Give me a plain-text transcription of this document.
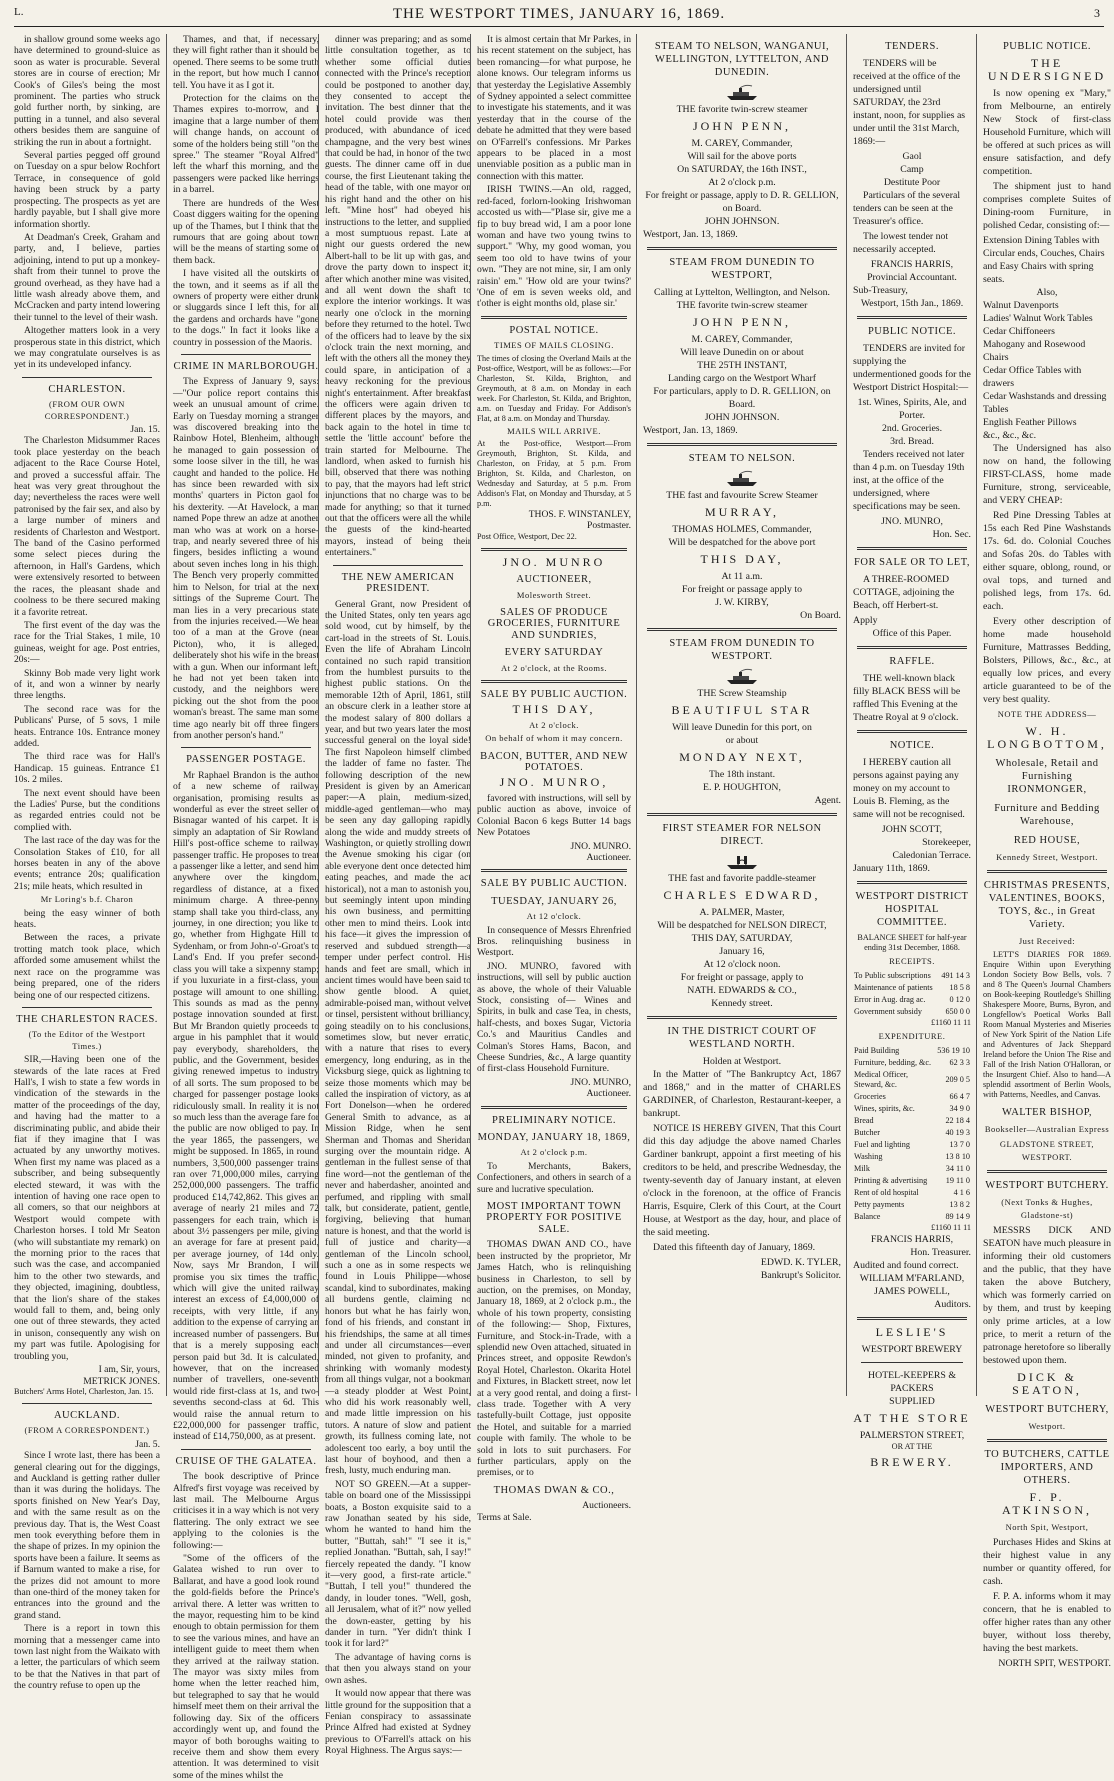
L.	THE WESTPORT TIMES, JANUARY 16, 1869.	3

in shallow ground some weeks ago have determined to ground-sluice as soon as water is procurable. Several stores are in course of erection; Mr Cook's of Giles's being the most prominent. The parties who struck gold further north, by sinking, are putting in a tunnel, and also several others besides them are sanguine of striking the run in about a fortnight.

Several parties pegged off ground on Tuesday on a spur below Rochfort Terrace, in consequence of gold having been struck by a party prospecting. The prospects as yet are hardly payable, but I shall give more information shortly.

At Deadman's Creek, Graham and party, and, I believe, parties adjoining, intend to put up a monkey-shaft from their tunnel to prove the ground overhead, as they have had a little wash already above them, and McCracken and party intend lowering their tunnel to the level of their wash.

Altogether matters look in a very prosperous state in this district, which we may congratulate ourselves is as yet in its undeveloped infancy.

CHARLESTON.
(FROM OUR OWN CORRESPONDENT.)
Jan. 15.

The Charleston Midsummer Races took place yesterday on the beach adjacent to the Race Course Hotel, and proved a successful affair. The heat was very great throughout the day; nevertheless the races were well patronised by the fair sex, and also by a large number of miners and residents of Charleston and Westport. The band of the Casino performed some select pieces during the afternoon, in Hall's Gardens, which were extensively resorted to between the races, the pleasant shade and coolness to be there secured making it a favorite retreat.

The first event of the day was the race for the Trial Stakes, 1 mile, 10 guineas, weight for age. Post entries, 20s:—

Skinny Bob made very light work of it, and won a winner by nearly three lengths.

The second race was for the Publicans' Purse, of 5 sovs, 1 mile heats. Entrance 10s. Entrance money added.

The third race was for Hall's Handicap. 15 guineas. Entrance £1 10s. 2 miles.

The next event should have been the Ladies' Purse, but the conditions as regarded entries could not be complied with.

The last race of the day was for the Consolation Stakes of £10, for all horses beaten in any of the above events; entrance 20s; qualification 21s; mile heats, which resulted in

Mr Loring's b.f. Charon

being the easy winner of both heats.

Between the races, a private trotting match took place, which afforded some amusement whilst the next race on the programme was being prepared, one of the riders being one of our respected citizens.

THE CHARLESTON RACES.
(To the Editor of the Westport Times.)

SIR,—Having been one of the stewards of the late races at Fred Hall's, I wish to state a few words in vindication of the stewards in the matter of the proceedings of the day, and having had the matter to a discriminating public, and abide their fiat if they imagine that I was actuated by any unworthy motives. When first my name was placed as a subscriber, and being subsequently elected steward, it was with the intention of having one race open to all comers, so that our neighbors at Westport would compete with Charleston horses. I told Mr Seaton (who will substantiate my remark) on the morning prior to the races that such was the case, and accompanied him to the other two stewards, and they objected, imagining, doubtless, that the lion's share of the stakes would fall to them, and, being only one out of three stewards, they acted in unison, consequently any wish on my part was futile. Apologising for troubling you,

I am, Sir, yours,
METRICK JONES.
Butchers' Arms Hotel, Charleston, Jan. 15.
AUCKLAND.
(FROM A CORRESPONDENT.)
Jan. 5.

Since I wrote last, there has been a general clearing out for the diggings, and Auckland is getting rather duller than it was during the holidays. The sports finished on New Year's Day, and with the same result as on the previous day. That is, the West Coast men took everything before them in the shape of prizes. In my opinion the sports have been a failure. It seems as if Barnum wanted to make a rise, for the prizes did not amount to more than one-third of the money taken for entrances into the ground and the grand stand.

There is a report in town this morning that a messenger came into town last night from the Waikato with a letter, the particulars of which seem to be that the Natives in that part of the country refuse to open up the

Thames, and that, if necessary, they will fight rather than it should be opened. There seems to be some truth in the report, but how much I cannot tell. You have it as I got it.

Protection for the claims on the Thames expires to-morrow, and I imagine that a large number of them will change hands, on account of some of the holders being still "on the spree." The steamer "Royal Alfred" left the wharf this morning, and the passengers were packed like herrings in a barrel.

There are hundreds of the West Coast diggers waiting for the opening up of the Thames, but I think that the rumours that are going about town will be the means of starting some of them back.

I have visited all the outskirts of the town, and it seems as if all the owners of property were either drunk or sluggards since I left this, for all the gardens and orchards have "gone to the dogs." In fact it looks like a country in possession of the Maoris.

CRIME IN MARLBOROUGH.

The Express of January 9, says:—"Our police report contains this week an unusual amount of crime. Early on Tuesday morning a stranger was discovered breaking into the Rainbow Hotel, Blenheim, although he managed to gain possession of some loose silver in the till, he was caught and handed to the police. He has since been rewarded with six months' quarters in Picton gaol for his dexterity. —At Havelock, a man named Pope threw an adze at another man who was at work on a horse-trap, and nearly severed three of his fingers, besides inflicting a wound about seven inches long in his thigh. The Bench very properly committed him to Nelson, for trial at the next sittings of the Supreme Court. The man lies in a very precarious state from the injuries received.—We hear too of a man at the Grove (near Picton), who, it is alleged, deliberately shot his wife in the breast with a gun. When our informant left, he had not yet been taken into custody, and the neighbors were picking out the shot from the poor woman's breast. The same man some time ago nearly bit off three fingers from another person's hand."

PASSENGER POSTAGE.

Mr Raphael Brandon is the author of a new scheme of railway organisation, promising results as wonderful as ever the street seller of Bisnagar wanted of his carpet. It is simply an adaptation of Sir Rowland Hill's post-office scheme to railway passenger traffic. He proposes to treat a passenger like a letter, and send him anywhere over the kingdom, regardless of distance, at a fixed minimum charge. A three-penny stamp shall take you third-class, any journey, in one direction; you like to go, whether from Highgate Hill to Sydenham, or from John-o'-Groat's to Land's End. If you prefer second-class you will take a sixpenny stamp; if you luxuriate in a first-class, your postage will amount to one shilling. This sounds as mad as the penny postage innovation sounded at first. But Mr Brandon quietly proceeds to argue in his pamphlet that it would pay everybody, shareholders, the public, and the Government, besides giving renewed impetus to industry of all sorts. The sum proposed to be charged for passenger postage looks ridiculously small. In reality it is not so much less than the average fare for the public are now obliged to pay. In the year 1865, the passengers, we might be supposed. In 1865, in round numbers, 3,500,000 passenger trains ran over 71,000,000 miles, carrying 252,000,000 passengers. The traffic produced £14,742,862. This gives an average of nearly 21 miles and 72 passengers for each train, which is about 3½ passengers per mile, giving an average for fare at present paid, per average journey, of 14d only. Now, says Mr Brandon, I will promise you six times the traffic, which will give the united railway interest an excess of £4,000,000 of receipts, with very little, if any addition to the expense of carrying an increased number of passengers. But that is a merely supposing each person paid but 3d. It is calculated, however, that on the increased number of travellers, one-seventh would ride first-class at 1s, and two-sevenths second-class at 6d. This would raise the annual return to £22,000,000 for passenger traffic, instead of £14,750,000, as at present.

CRUISE OF THE GALATEA.

The book descriptive of Prince Alfred's first voyage was received by last mail. The Melbourne Argus criticises it in a way which is not very flattering. The only extract we see applying to the colonies is the following:—

"Some of the officers of the Galatea wished to run over to Ballarat, and have a good look round the gold-fields before the Prince's arrival there. A letter was written to the mayor, requesting him to be kind enough to obtain permission for them to see the various mines, and have an intelligent guide to meet them when they arrived at the railway station. The mayor was sixty miles from home when the letter reached him, but telegraphed to say that he would himself meet them on their arrival the following day. Six of the officers accordingly went up, and found the mayor of both boroughs waiting to receive them and show them every attention. It was determined to visit some of the mines whilst the

dinner was preparing; and as some little consultation together, as to whether some official duties connected with the Prince's reception could be postponed to another day, they consented to accept the invitation. The best dinner that the hotel could provide was then produced, with abundance of iced champagne, and the very best wines that could be had, in honor of the two guests. The dinner came off in due course, the first Lieutenant taking the head of the table, with one mayor on his right hand and the other on his left. "Mine host" had obeyed his instructions to the letter, and supplied a most sumptuous repast. Late at night our guests ordered the new Albert-hall to be lit up with gas, and drove the party down to inspect it; after which another mine was visited, and all went down the shaft to explore the interior workings. It was nearly one o'clock in the morning before they returned to the hotel. Two of the officers had to leave by the six o'clock train the next morning, and left with the others all the money they could spare, in anticipation of a heavy reckoning for the previous night's entertainment. After breakfast the officers were again driven to different places by the mayors, and back again to the hotel in time to settle the 'little account' before the train started for Melbourne. The landlord, when asked to furnish his bill, observed that there was nothing to pay, that the mayors had left strict injunctions that no charge was to be made for anything; so that it turned out that the officers were all the while the guests of the kind-hearted mayors, instead of being their entertainers."

THE NEW AMERICAN PRESIDENT.

General Grant, now President of the United States, only ten years ago sold wood, cut by himself, by the cart-load in the streets of St. Louis. Even the life of Abraham Lincoln contained no such rapid transition from the humblest pursuits to the highest public stations. On the memorable 12th of April, 1861, still an obscure clerk in a leather store at the modest salary of 800 dollars a year, and but two years later the most successful general on the loyal side! The first Napoleon himself climbed the ladder of fame no faster. The following description of the new President is given by an American paper:—A plain, medium-sized, middle-aged gentleman—who may be seen any day galloping rapidly along the wide and muddy streets of Washington, or quietly strolling down the Avenue smoking his cigar (on able everyone dent once detected him eating peaches, and made the act historical), not a man to astonish you, but seemingly intent upon minding his own business, and permitting other men to mind theirs. Look into his face—it gives the impression of reserved and subdued strength—a temper under perfect control. His hands and feet are small, which in ancient times would have been said to show gentle blood. A quiet, admirable-poised man, without velvet or tinsel, persistent without brilliancy, going steadily on to his conclusions, sometimes slow, but never erratic, with a nature that rises to every emergency, long enduring, as in the Vicksburg siege, quick as lightning to seize those moments which may be called the inspiration of victory, as at Fort Donelson—when he ordered General Smith to advance, as at Mission Ridge, when he sent Sherman and Thomas and Sheridan surging over the mountain ridge. A gentleman in the fullest sense of that fine word—not the gentleman of the never and haberdasher, anointed and perfumed, and rippling with small talk, but considerate, patient, gentle, forgiving, believing that human nature is honest, and that the world is full of justice and charity—a gentleman of the Lincoln school, such a one as in some respects we found in Louis Philippe—whose scandal, kind to subordinates, making all burdens gentle, claiming no honors but what he has fairly won, fond of his friends, and constant in his friendships, the same at all times and under all circumstances—even minded, not given to profanity, and shrinking with womanly modesty from all things vulgar, not a bookman—a steady plodder at West Point, who did his work reasonably well, and made little impression on his tutors. A nature of slow and patient growth, its fullness coming late, not adolescent too early, a boy until the last hour of boyhood, and then a fresh, lusty, much enduring man.

NOT SO GREEN.—At a supper-table on board one of the Mississippi boats, a Boston exquisite said to a raw Jonathan seated by his side, whom he wanted to hand him the butter, "Buttah, sah!" "I see it is," replied Jonathan. "Buttah, sah, I say!" fiercely repeated the dandy. "I know it—very good, a first-rate article." "Buttah, I tell you!" thundered the dandy, in louder tones. "Well, gosh, all Jerusalem, what of it?" now yelled the down-easter, getting by his dander in turn. "Yer didn't think I took it for lard?"

The advantage of having corns is that then you always stand on your own ashes.

It would now appear that there was little ground for the supposition that a Fenian conspiracy to assassinate Prince Alfred had existed at Sydney previous to O'Farrell's attack on his Royal Highness. The Argus says:—

It is almost certain that Mr Parkes, in his recent statement on the subject, has been romancing—for what purpose, he alone knows. Our telegram informs us that yesterday the Legislative Assembly of Sydney appointed a select committee to investigate his statements, and it was yesterday that in the course of the debate he admitted that they were based on O'Farrell's confessions. Mr Parkes appears to be placed in a most unenviable position as a public man in connection with this matter.

IRISH TWINS.—An old, ragged, red-faced, forlorn-looking Irishwoman accosted us with—"Plase sir, give me a fip to buy bread wid, I am a poor lone woman and have two young twins to support." 'Why, my good woman, you seem too old to have twins of your own. "They are not mine, sir, I am only raisin' em." 'How old are your twins?' 'One of em is seven weeks old, and t'other is eight months old, plase sir.'

POSTAL NOTICE.
TIMES OF MAILS CLOSING.
The times of closing the Overland Mails at the Post-office, Westport, will be as follows:—For Charleston, St. Kilda, Brighton, and Greymouth, at 8 a.m. on Monday in each week. For Charleston, St. Kilda, and Brighton, a.m. on Tuesday and Friday. For Addison's Flat, at 8 a.m. on Monday and Thursday.
MAILS WILL ARRIVE.
At the Post-office, Westport—From Greymouth, Brighton, St. Kilda, and Charleston, on Friday, at 5 p.m. From Brighton, St. Kilda, and Charleston, on Wednesday and Saturday, at 5 p.m. From Addison's Flat, on Monday and Thursday, at 5 p.m.
THOS. F. WINSTANLEY,
Postmaster.
Post Office, Westport, Dec 22.
JNO. MUNRO
AUCTIONEER,
Molesworth Street.
SALES OF PRODUCE GROCERIES, FURNITURE AND SUNDRIES,
EVERY SATURDAY
At 2 o'clock, at the Rooms.
SALE BY PUBLIC AUCTION.
THIS DAY,
At 2 o'clock.
On behalf of whom it may concern.
BACON, BUTTER, AND NEW POTATOES.
JNO. MUNRO,

favored with instructions, will sell by public auction as above, invoice of Colonial Bacon 6 kegs Butter 14 bags New Potatoes

JNO. MUNRO.
Auctioneer.
SALE BY PUBLIC AUCTION.
TUESDAY, JANUARY 26,
At 12 o'clock.

In consequence of Messrs Ehrenfried Bros. relinquishing business in Westport.

JNO. MUNRO, favored with instructions, will sell by public auction as above, the whole of their Valuable Stock, consisting of— Wines and Spirits, in bulk and case Tea, in chests, half-chests, and boxes Sugar, Victoria Co.'s and Mauritius Candles and Colman's Stores Hams, Bacon, and Cheese Sundries, &c., A large quantity of first-class Household Furniture.

JNO. MUNRO,
Auctioneer.
PRELIMINARY NOTICE.
MONDAY, JANUARY 18, 1869,
At 2 o'clock p.m.

To Merchants, Bakers, Confectioners, and others in search of a sure and lucrative speculation.

MOST IMPORTANT TOWN PROPERTY FOR POSITIVE SALE.

THOMAS DWAN AND CO., have been instructed by the proprietor, Mr James Hatch, who is relinquishing business in Charleston, to sell by auction, on the premises, on Monday, January 18, 1869, at 2 o'clock p.m., the whole of his town property, consisting of the following:— Shop, Fixtures, Furniture, and Stock-in-Trade, with a splendid new Oven attached, situated in Princes street, and opposite Rewdon's Royal Hotel, Charleston. Okarita Hotel and Fixtures, in Blackett street, now let at a very good rental, and doing a first-class trade. Together with A very tastefully-built Cottage, just opposite the Hotel, and suitable for a married couple with family. The whole to be sold in lots to suit purchasers. For further particulars, apply on the premises, or to

THOMAS DWAN & CO.,
Auctioneers.
Terms at Sale.
STEAM TO NELSON, WANGANUI, WELLINGTON, LYTTELTON, AND DUNEDIN.
THE favorite twin-screw steamer
JOHN PENN,
M. CAREY, Commander,
Will sail for the above ports
On SATURDAY, the 16th INST.,
At 2 o'clock p.m.
For freight or passage, apply to D. R. GELLION, on Board.
JOHN JOHNSON.
Westport, Jan. 13, 1869.
STEAM FROM DUNEDIN TO WESTPORT,
Calling at Lyttelton, Wellington, and Nelson.
THE favorite twin-screw steamer
JOHN PENN,
M. CAREY, Commander,
Will leave Dunedin on or about
THE 25TH INSTANT,
Landing cargo on the Westport Wharf
For particulars, apply to D. R. GELLION, on Board.
JOHN JOHNSON.
Westport, Jan. 13, 1869.
STEAM TO NELSON.
THE fast and favourite Screw Steamer
MURRAY,
THOMAS HOLMES, Commander,
Will be despatched for the above port
THIS DAY,
At 11 a.m.
For freight or passage apply to
J. W. KIRBY,
On Board.
STEAM FROM DUNEDIN TO WESTPORT.
THE Screw Steamship
BEAUTIFUL STAR
Will leave Dunedin for this port, on
or about
MONDAY NEXT,
The 18th instant.
E. P. HOUGHTON,
Agent.
FIRST STEAMER FOR NELSON DIRECT.
THE fast and favorite paddle-steamer
CHARLES EDWARD,
A. PALMER, Master,
Will be despatched for NELSON DIRECT,
THIS DAY, SATURDAY,
January 16,
At 12 o'clock noon.
For freight or passage, apply to
NATH. EDWARDS & CO.,
Kennedy street.
IN THE DISTRICT COURT OF WESTLAND NORTH.
Holden at Westport.

In the Matter of "The Bankruptcy Act, 1867 and 1868," and in the matter of CHARLES GARDINER, of Charleston, Restaurant-keeper, a bankrupt.

NOTICE IS HEREBY GIVEN, That this Court did this day adjudge the above named Charles Gardiner bankrupt, appoint a first meeting of his creditors to be held, and prescribe Wednesday, the twenty-seventh day of January instant, at eleven o'clock in the forenoon, at the office of Francis Harris, Esquire, Clerk of this Court, at the Court House, at Westport as the day, hour, and place of the said meeting.

Dated this fifteenth day of January, 1869.

EDWD. K. TYLER,
Bankrupt's Solicitor.
TENDERS.

TENDERS will be received at the office of the undersigned until SATURDAY, the 23rd instant, noon, for supplies as under until the 31st March, 1869:—

Gaol
Camp
Destitute Poor

Particulars of the several tenders can be seen at the Treasurer's office.

The lowest tender not necessarily accepted.

FRANCIS HARRIS,
Provincial Accountant.
Sub-Treasury,
Westport, 15th Jan., 1869.
PUBLIC NOTICE.

TENDERS are invited for supplying the undermentioned goods for the Westport District Hospital:—

1st. Wines, Spirits, Ale, and Porter.
2nd. Groceries.
3rd. Bread.

Tenders received not later than 4 p.m. on Tuesday 19th inst, at the office of the undersigned, where specifications may be seen.

JNO. MUNRO,
Hon. Sec.
FOR SALE OR TO LET,

A THREE-ROOMED COTTAGE, adjoining the Beach, off Herbert-st.

Apply
Office of this Paper.
RAFFLE.

THE well-known black filly BLACK BESS will be raffled This Evening at the Theatre Royal at 9 o'clock.

NOTICE.

I HEREBY caution all persons against paying any money on my account to Louis B. Fleming, as the same will not be recognised.

JOHN SCOTT,
Storekeeper,
Caledonian Terrace.
January 11th, 1869.
WESTPORT DISTRICT HOSPITAL COMMITTEE.
BALANCE SHEET for half-year ending 31st December, 1868.
RECEIPTS.
To Public subscriptions	491 14 3
Maintenance of patients	18 5 8
Error in Aug. drag ac.	0 12 0
Government subsidy	650 0 0
£1160 11 11
EXPENDITURE.
Paid Building	536 19 10
Furniture, bedding, &c.	62 3 3
Medical Officer, Steward, &c.	209 0 5
Groceries	66 4 7
Wines, spirits, &c.	34 9 0
Bread	22 18 4
Butcher	40 19 3
Fuel and lighting	13 7 0
Washing	13 8 10
Milk	34 11 0
Printing & advertising	19 11 0
Rent of old hospital	4 1 6
Petty payments	13 8 2
Balance	89 14 9
£1160 11 11
FRANCIS HARRIS,
Hon. Treasurer.
Audited and found correct.
WILLIAM M'FARLAND,
JAMES POWELL,
Auditors.
LESLIE'S
WESTPORT BREWERY
HOTEL-KEEPERS & PACKERS
SUPPLIED
AT THE STORE
PALMERSTON STREET,
OR AT THE
BREWERY.
PUBLIC NOTICE.
THE UNDERSIGNED

Is now opening ex "Mary," from Melbourne, an entirely New Stock of first-class Household Furniture, which will be offered at such prices as will ensure satisfaction, and defy competition.

The shipment just to hand comprises complete Suites of Dining-room Furniture, in polished Cedar, consisting of:—

Extension Dining Tables with Circular ends, Couches, Chairs and Easy Chairs with spring seats.
Also,
Walnut Davenports
Ladies' Walnut Work Tables
Cedar Chiffoneers
Mahogany and Rosewood Chairs
Cedar Office Tables with drawers
Cedar Washstands and dressing Tables
English Feather Pillows
&c., &c., &c.

The Undersigned has also now on hand, the following FIRST-CLASS, home made Furniture, strong, serviceable, and VERY CHEAP:

Red Pine Dressing Tables at 15s each Red Pine Washstands 17s. 6d. do. Colonial Couches and Sofas 20s. do Tables with either square, oblong, round, or oval tops, and turned and polished legs, from 17s. 6d. each.

Every other description of home made household Furniture, Mattrasses Bedding, Bolsters, Pillows, &c., &c., at equally low prices, and every article guaranteed to be of the very best quality.

NOTE THE ADDRESS—
W. H. LONGBOTTOM,
Wholesale, Retail and Furnishing IRONMONGER,
Furniture and Bedding Warehouse,
RED HOUSE,
Kennedy Street, Westport.
CHRISTMAS PRESENTS, VALENTINES, BOOKS, TOYS, &c., in Great Variety.
Just Received:

LETT'S DIARIES FOR 1869. Enquire Within upon Everything London Society Bow Bells, vols. 7 and 8 The Queen's Journal Chambers on Book-keeping Routledge's Shilling Shakespere Moore, Burns, Byron, and Longfellow's Poetical Works Ball Room Manual Mysteries and Miseries of New York Spirit of the Nation Life and Adventures of Jack Sheppard Ireland before the Union The Rise and Fall of the Irish Nation O'Halloran, or the Insurgent Chief. Also to hand—A splendid assortment of Berlin Wools, with Patterns, Needles, and Canvas.

WALTER BISHOP,
Bookseller—Australian Express
GLADSTONE STREET, WESTPORT.
WESTPORT BUTCHERY.
(Next Tonks & Hughes, Gladstone-st)

MESSRS DICK AND SEATON have much pleasure in informing their old customers and the public, that they have taken the above Butchery, which was formerly carried on by them, and trust by keeping only prime articles, at a low price, to merit a return of the patronage heretofore so liberally bestowed upon them.

DICK & SEATON,
WESTPORT BUTCHERY,
Westport.
TO BUTCHERS, CATTLE IMPORTERS, AND OTHERS.
F. P. ATKINSON,
North Spit, Westport,

Purchases Hides and Skins at their highest value in any number or quantity offered, for cash.

F. P. A. informs whom it may concern, that he is enabled to offer higher rates than any other buyer, without loss thereby, having the best markets.

NORTH SPIT, WESTPORT.
